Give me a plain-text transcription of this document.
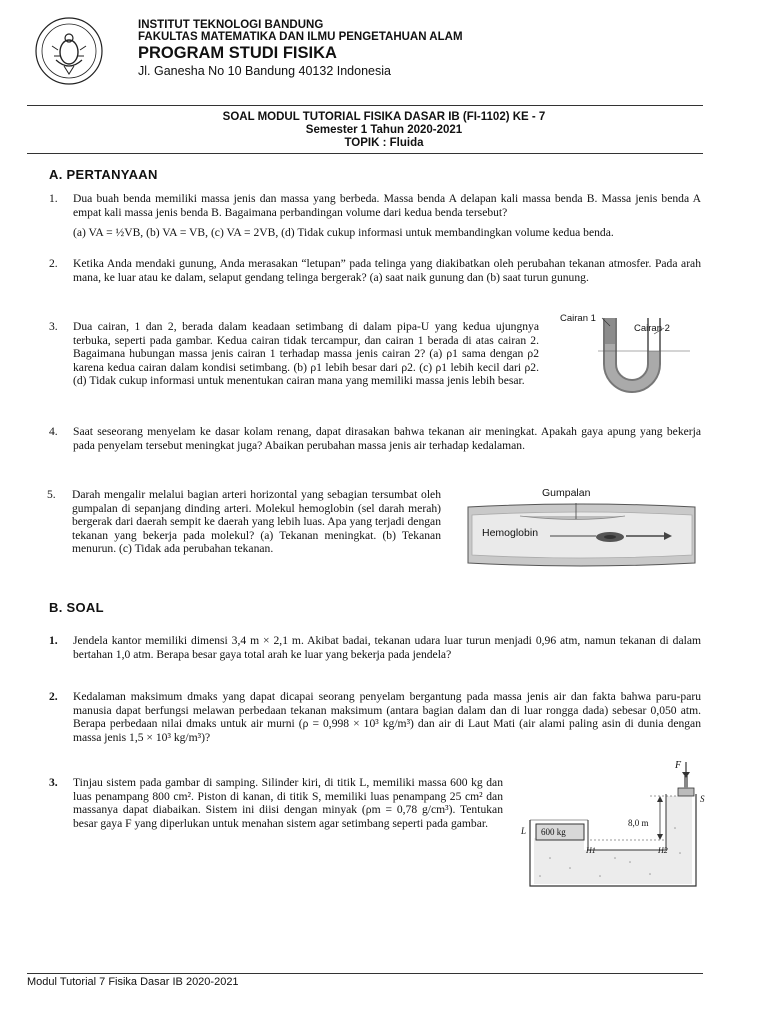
INSTITUT TEKNOLOGI BANDUNG
FAKULTAS MATEMATIKA DAN ILMU PENGETAHUAN ALAM
PROGRAM STUDI FISIKA
Jl. Ganesha No 10 Bandung 40132 Indonesia
SOAL MODUL TUTORIAL FISIKA DASAR IB (FI-1102) KE - 7
Semester 1 Tahun 2020-2021
TOPIK : Fluida
A. PERTANYAAN
1. Dua buah benda memiliki massa jenis dan massa yang berbeda. Massa benda A delapan kali massa benda B. Massa jenis benda A empat kali massa jenis benda B. Bagaimana perbandingan volume dari kedua benda tersebut?
(a) VA = ½VB, (b) VA = VB, (c) VA = 2VB, (d) Tidak cukup informasi untuk membandingkan volume kedua benda.
2. Ketika Anda mendaki gunung, Anda merasakan “letupan” pada telinga yang diakibatkan oleh perubahan tekanan atmosfer. Pada arah mana, ke luar atau ke dalam, selaput gendang telinga bergerak? (a) saat naik gunung dan (b) saat turun gunung.
3. Dua cairan, 1 dan 2, berada dalam keadaan setimbang di dalam pipa-U yang kedua ujungnya terbuka, seperti pada gambar. Kedua cairan tidak tercampur, dan cairan 1 berada di atas cairan 2. Bagaimana hubungan massa jenis cairan 1 terhadap massa jenis cairan 2? (a) ρ1 sama dengan ρ2 karena kedua cairan dalam kondisi setimbang. (b) ρ1 lebih besar dari ρ2. (c) ρ1 lebih kecil dari ρ2. (d) Tidak cukup informasi untuk menentukan cairan mana yang memiliki massa jenis lebih besar.
Cairan 1
Cairan 2
4. Saat seseorang menyelam ke dasar kolam renang, dapat dirasakan bahwa tekanan air meningkat. Apakah gaya apung yang bekerja pada penyelam tersebut meningkat juga? Abaikan perubahan massa jenis air terhadap kedalaman.
5. Darah mengalir melalui bagian arteri horizontal yang sebagian tersumbat oleh gumpalan di sepanjang dinding arteri. Molekul hemoglobin (sel darah merah) bergerak dari daerah sempit ke daerah yang lebih luas. Apa yang terjadi dengan tekanan yang bekerja pada molekul? (a) Tekanan meningkat. (b) Tekanan menurun. (c) Tidak ada perubahan tekanan.
Gumpalan
Hemoglobin
B. SOAL
1. Jendela kantor memiliki dimensi 3,4 m × 2,1 m. Akibat badai, tekanan udara luar turun menjadi 0,96 atm, namun tekanan di dalam bertahan 1,0 atm. Berapa besar gaya total arah ke luar yang bekerja pada jendela?
2. Kedalaman maksimum dmaks yang dapat dicapai seorang penyelam bergantung pada massa jenis air dan fakta bahwa paru-paru manusia dapat berfungsi melawan perbedaan tekanan maksimum (antara bagian dalam dan di luar rongga dada) sebesar 0,050 atm. Berapa perbedaan nilai dmaks untuk air murni (ρ = 0,998 × 10³ kg/m³) dan air di Laut Mati (air alami paling asin di dunia dengan massa jenis 1,5 × 10³ kg/m³)?
3. Tinjau sistem pada gambar di samping. Silinder kiri, di titik L, memiliki massa 600 kg dan luas penampang 800 cm². Piston di kanan, di titik S, memiliki luas penampang 25 cm² dan massanya dapat diabaikan. Sistem ini diisi dengan minyak (ρm = 0,78 g/cm³). Tentukan besar gaya F yang diperlukan untuk menahan sistem agar setimbang seperti pada gambar.
600 kg
8,0 m
F
S
L
H1	H2
Modul Tutorial 7 Fisika Dasar IB 2020-2021
